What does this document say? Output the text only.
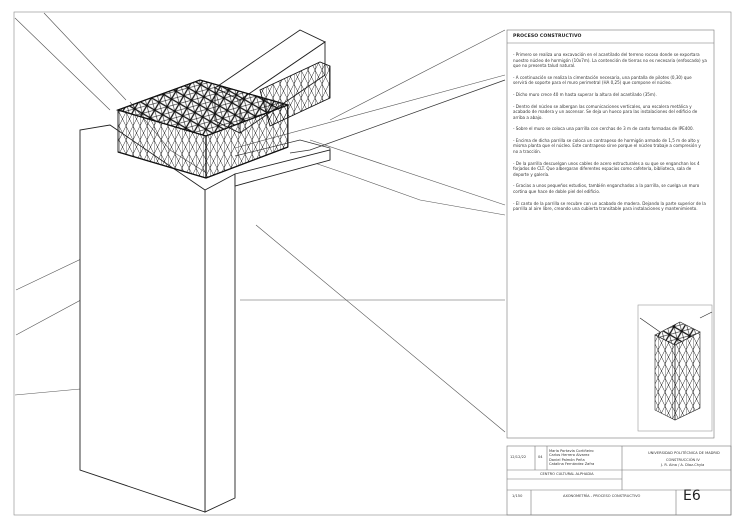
PROCESO CONSTRUCTIVO

- Primero se realiza una excavación en el acantilado del terreno rocoso donde se exportara nuestro núcleo de hormigón (10x7m). La contención de tierras no es necesaria (enfoscado) ya que no presenta talud natural.

- A continuación se realiza la cimentación necesaria, una pantalla de pilotes (0,30) que servirá de soporte para el muro perimetral (HA 0,25) que compone el núcleo.

- Dicho muro crece 40 m hasta superar la altura del acantilado (35m).

- Dentro del núcleo se albergan las comunicaciones verticales, una escalera metálica y acabado de madera y un ascensor. Se deja un hueco para las instalaciones del edificio de arriba a abajo.

- Sobre el muro se coloca una parrilla con cerchas de 3 m de canto formadas de IPE400.

- Encima de dicha parrilla se coloca un contrapeso de hormigón armado de 1,5 m de alto y misma planta que el núcleo. Este contrapeso sirve porque el núcleo trabaje a compresión y no a tracción.

- De la parrilla descuelgan unos cables de acero estructurales a su que se enganchan los 4 forjados de CLT. Que albergaran diferentes espacios como cafetería, biblioteca, sala de deporte y galería.

- Gracias a unos pequeños estudios, también enganchados a la parrilla, se cuelga un muro cortina que hace de doble piel del edificio.

- El canto de la parrilla se recubre con un acabado de madera. Dejando la parte superior de la parrilla al aire libre, creando una cubierta transitable para instalaciones y mantenimiento.

12/12/22	04
María Portavía Cortiñeiro
Carlos Herrero Alvarez
Daniel Palmón Peña
Catalina Fernández Zafra
UNIVERSIDAD POLITÉCNICA DE MADRID
CONSTRUCCIÓN IV
J. R. Aina / A. Díaz-Chyla
CENTRO CULTURAL ALPHADIA
1/150	AXONOMETRÍA - PROCESO CONSTRUCTIVO	E6
